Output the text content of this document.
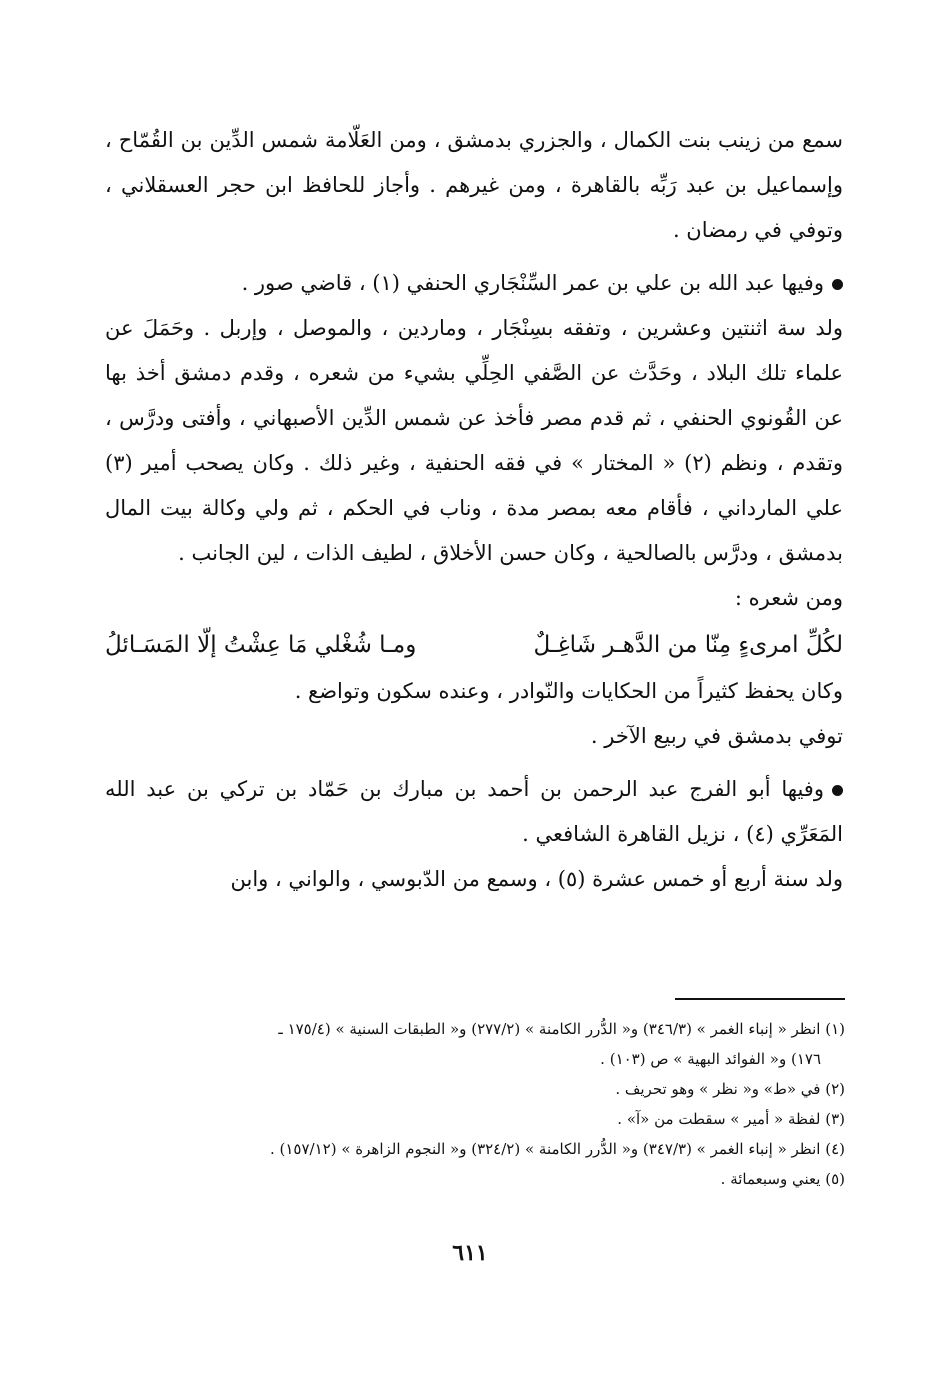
سمع من زينب بنت الكمال ، والجزري بدمشق ، ومن العَلّامة شمس الدِّين بن القُمّاح ، وإسماعيل بن عبد رَبِّه بالقاهرة ، ومن غيرهم . وأجاز للحافظ ابن حجر العسقلاني ، وتوفي في رمضان .

وفيها عبد الله بن علي بن عمر السِّنْجَاري الحنفي (١) ، قاضي صور .

ولد سة اثنتين وعشرين ، وتفقه بسِنْجَار ، وماردين ، والموصل ، وإربل . وحَمَلَ عن علماء تلك البلاد ، وحَدَّث عن الصَّفي الحِلِّي بشيء من شعره ، وقدم دمشق أخذ بها عن القُونوي الحنفي ، ثم قدم مصر فأخذ عن شمس الدِّين الأصبهاني ، وأفتى ودرَّس ، وتقدم ، ونظم (٢) « المختار » في فقه الحنفية ، وغير ذلك . وكان يصحب أمير (٣) علي المارداني ، فأقام معه بمصر مدة ، وناب في الحكم ، ثم ولي وكالة بيت المال بدمشق ، ودرَّس بالصالحية ، وكان حسن الأخلاق ، لطيف الذات ، لين الجانب .

ومن شعره :

لكُلِّ امرىءٍ مِنّا من الدَّهـر شَاغِـلٌ
ومـا شُغْلي مَا عِشْتُ إلّا المَسَـائلُ

وكان يحفظ كثيراً من الحكايات والنّوادر ، وعنده سكون وتواضع .

توفي بدمشق في ربيع الآخر .

وفيها أبو الفرج عبد الرحمن بن أحمد بن مبارك بن حَمّاد بن تركي بن عبد الله المَعَرِّي (٤) ، نزيل القاهرة الشافعي .

ولد سنة أربع أو خمس عشرة (٥) ، وسمع من الدّبوسي ، والواني ، وابن

(١) انظر « إنباء الغمر » (٣٤٦/٣) و« الدُّرر الكامنة » (٢٧٧/٢) و« الطبقات السنية » (١٧٥/٤ ـ

١٧٦) و« الفوائد البهية » ص (١٠٣) .

(٢) في «ط» و« نظر » وهو تحريف .

(٣) لفظة « أمير » سقطت من «آ» .

(٤) انظر « إنباء الغمر » (٣٤٧/٣) و« الدُّرر الكامنة » (٣٢٤/٢) و« النجوم الزاهرة » (١٥٧/١٢) .

(٥) يعني وسبعمائة .

٦١١
